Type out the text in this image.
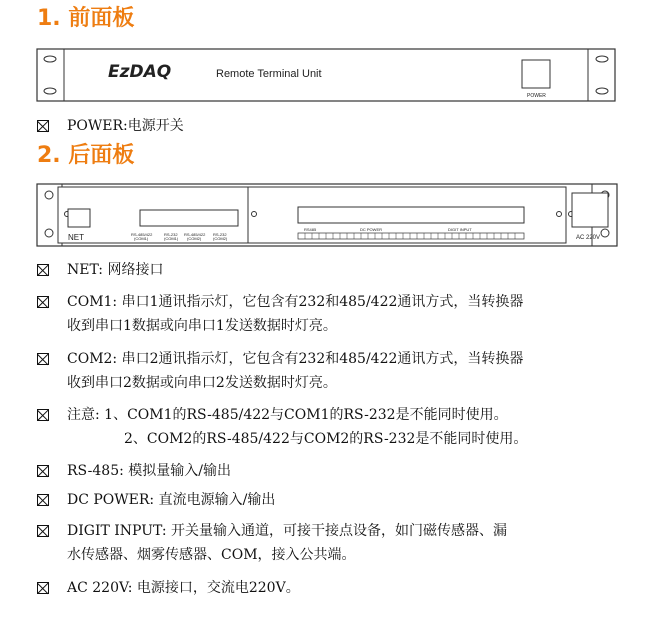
1. 前面板
EzDAQ	Remote Terminal Unit
POWER
POWER:电源开关
2. 后面板
NET	RS-485/422
(COM1)
RS-232
(COM1)
RS-485/422
(COM2)
RS-232
(COM2)
RS485	DC POWER	DIGIT INPUT
AC 220V
NET: 网络接口
COM1: 串口1通讯指示灯，它包含有232和485/422通讯方式，当转换器
收到串口1数据或向串口1发送数据时灯亮。
COM2: 串口2通讯指示灯，它包含有232和485/422通讯方式，当转换器
收到串口2数据或向串口2发送数据时灯亮。
注意: 1、COM1的RS-485/422与COM1的RS-232是不能同时使用。
2、COM2的RS-485/422与COM2的RS-232是不能同时使用。
RS-485: 模拟量输入/输出
DC POWER: 直流电源输入/输出
DIGIT INPUT: 开关量输入通道，可接干接点设备，如门磁传感器、漏
水传感器、烟雾传感器、COM，接入公共端。
AC 220V: 电源接口，交流电220V。
